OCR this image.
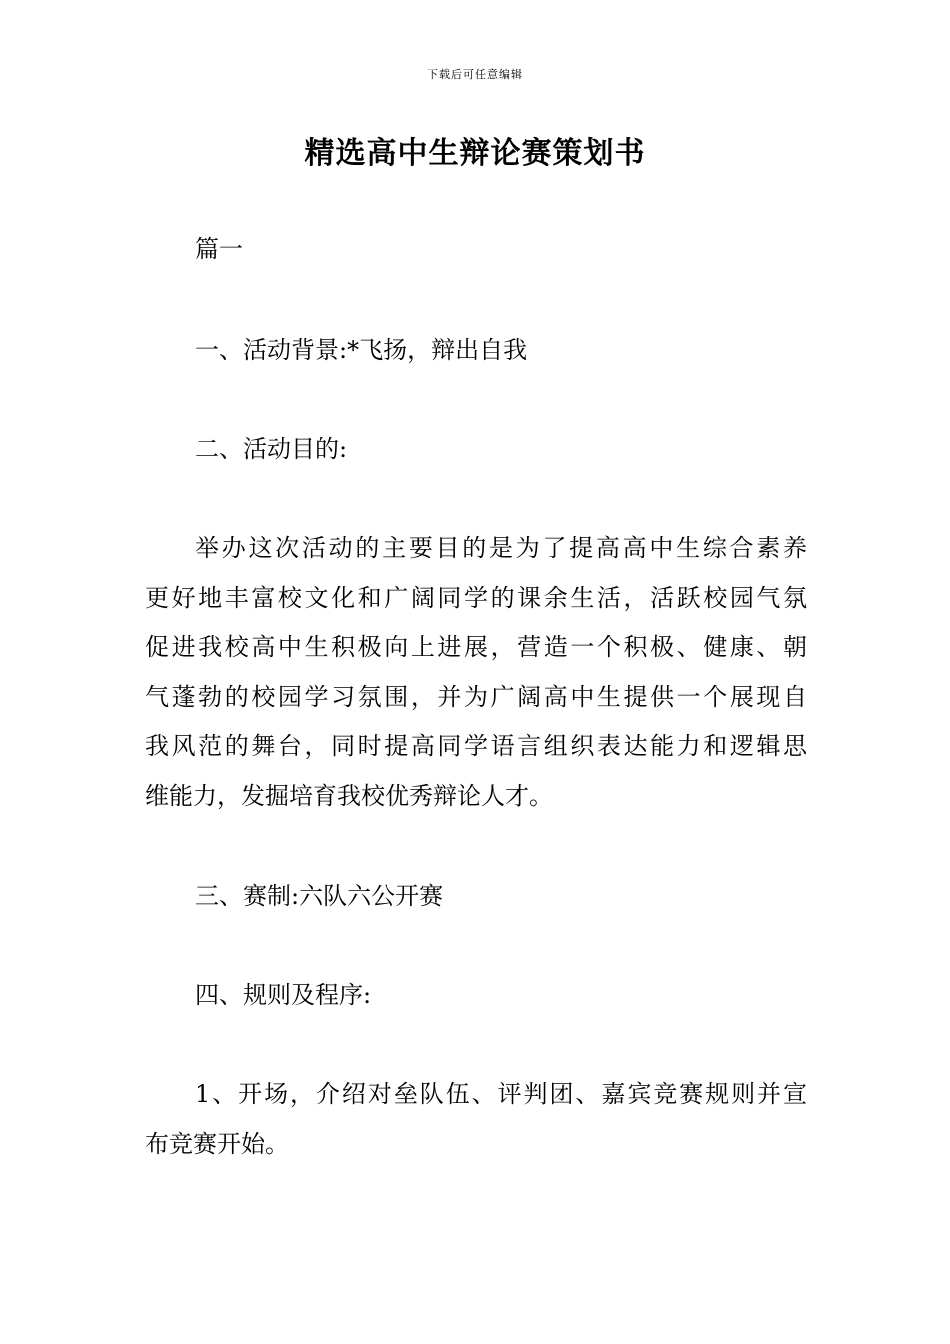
下载后可任意编辑
精选高中生辩论赛策划书
篇一
一、活动背景:*飞扬，辩出自我
二、活动目的:
举办这次活动的主要目的是为了提高高中生综合素养
更好地丰富校文化和广阔同学的课余生活，活跃校园气氛
促进我校高中生积极向上进展，营造一个积极、健康、朝
气蓬勃的校园学习氛围，并为广阔高中生提供一个展现自
我风范的舞台，同时提高同学语言组织表达能力和逻辑思
维能力，发掘培育我校优秀辩论人才。
三、赛制:六队六公开赛
四、规则及程序:
1、开场，介绍对垒队伍、评判团、嘉宾竞赛规则并宣
布竞赛开始。
